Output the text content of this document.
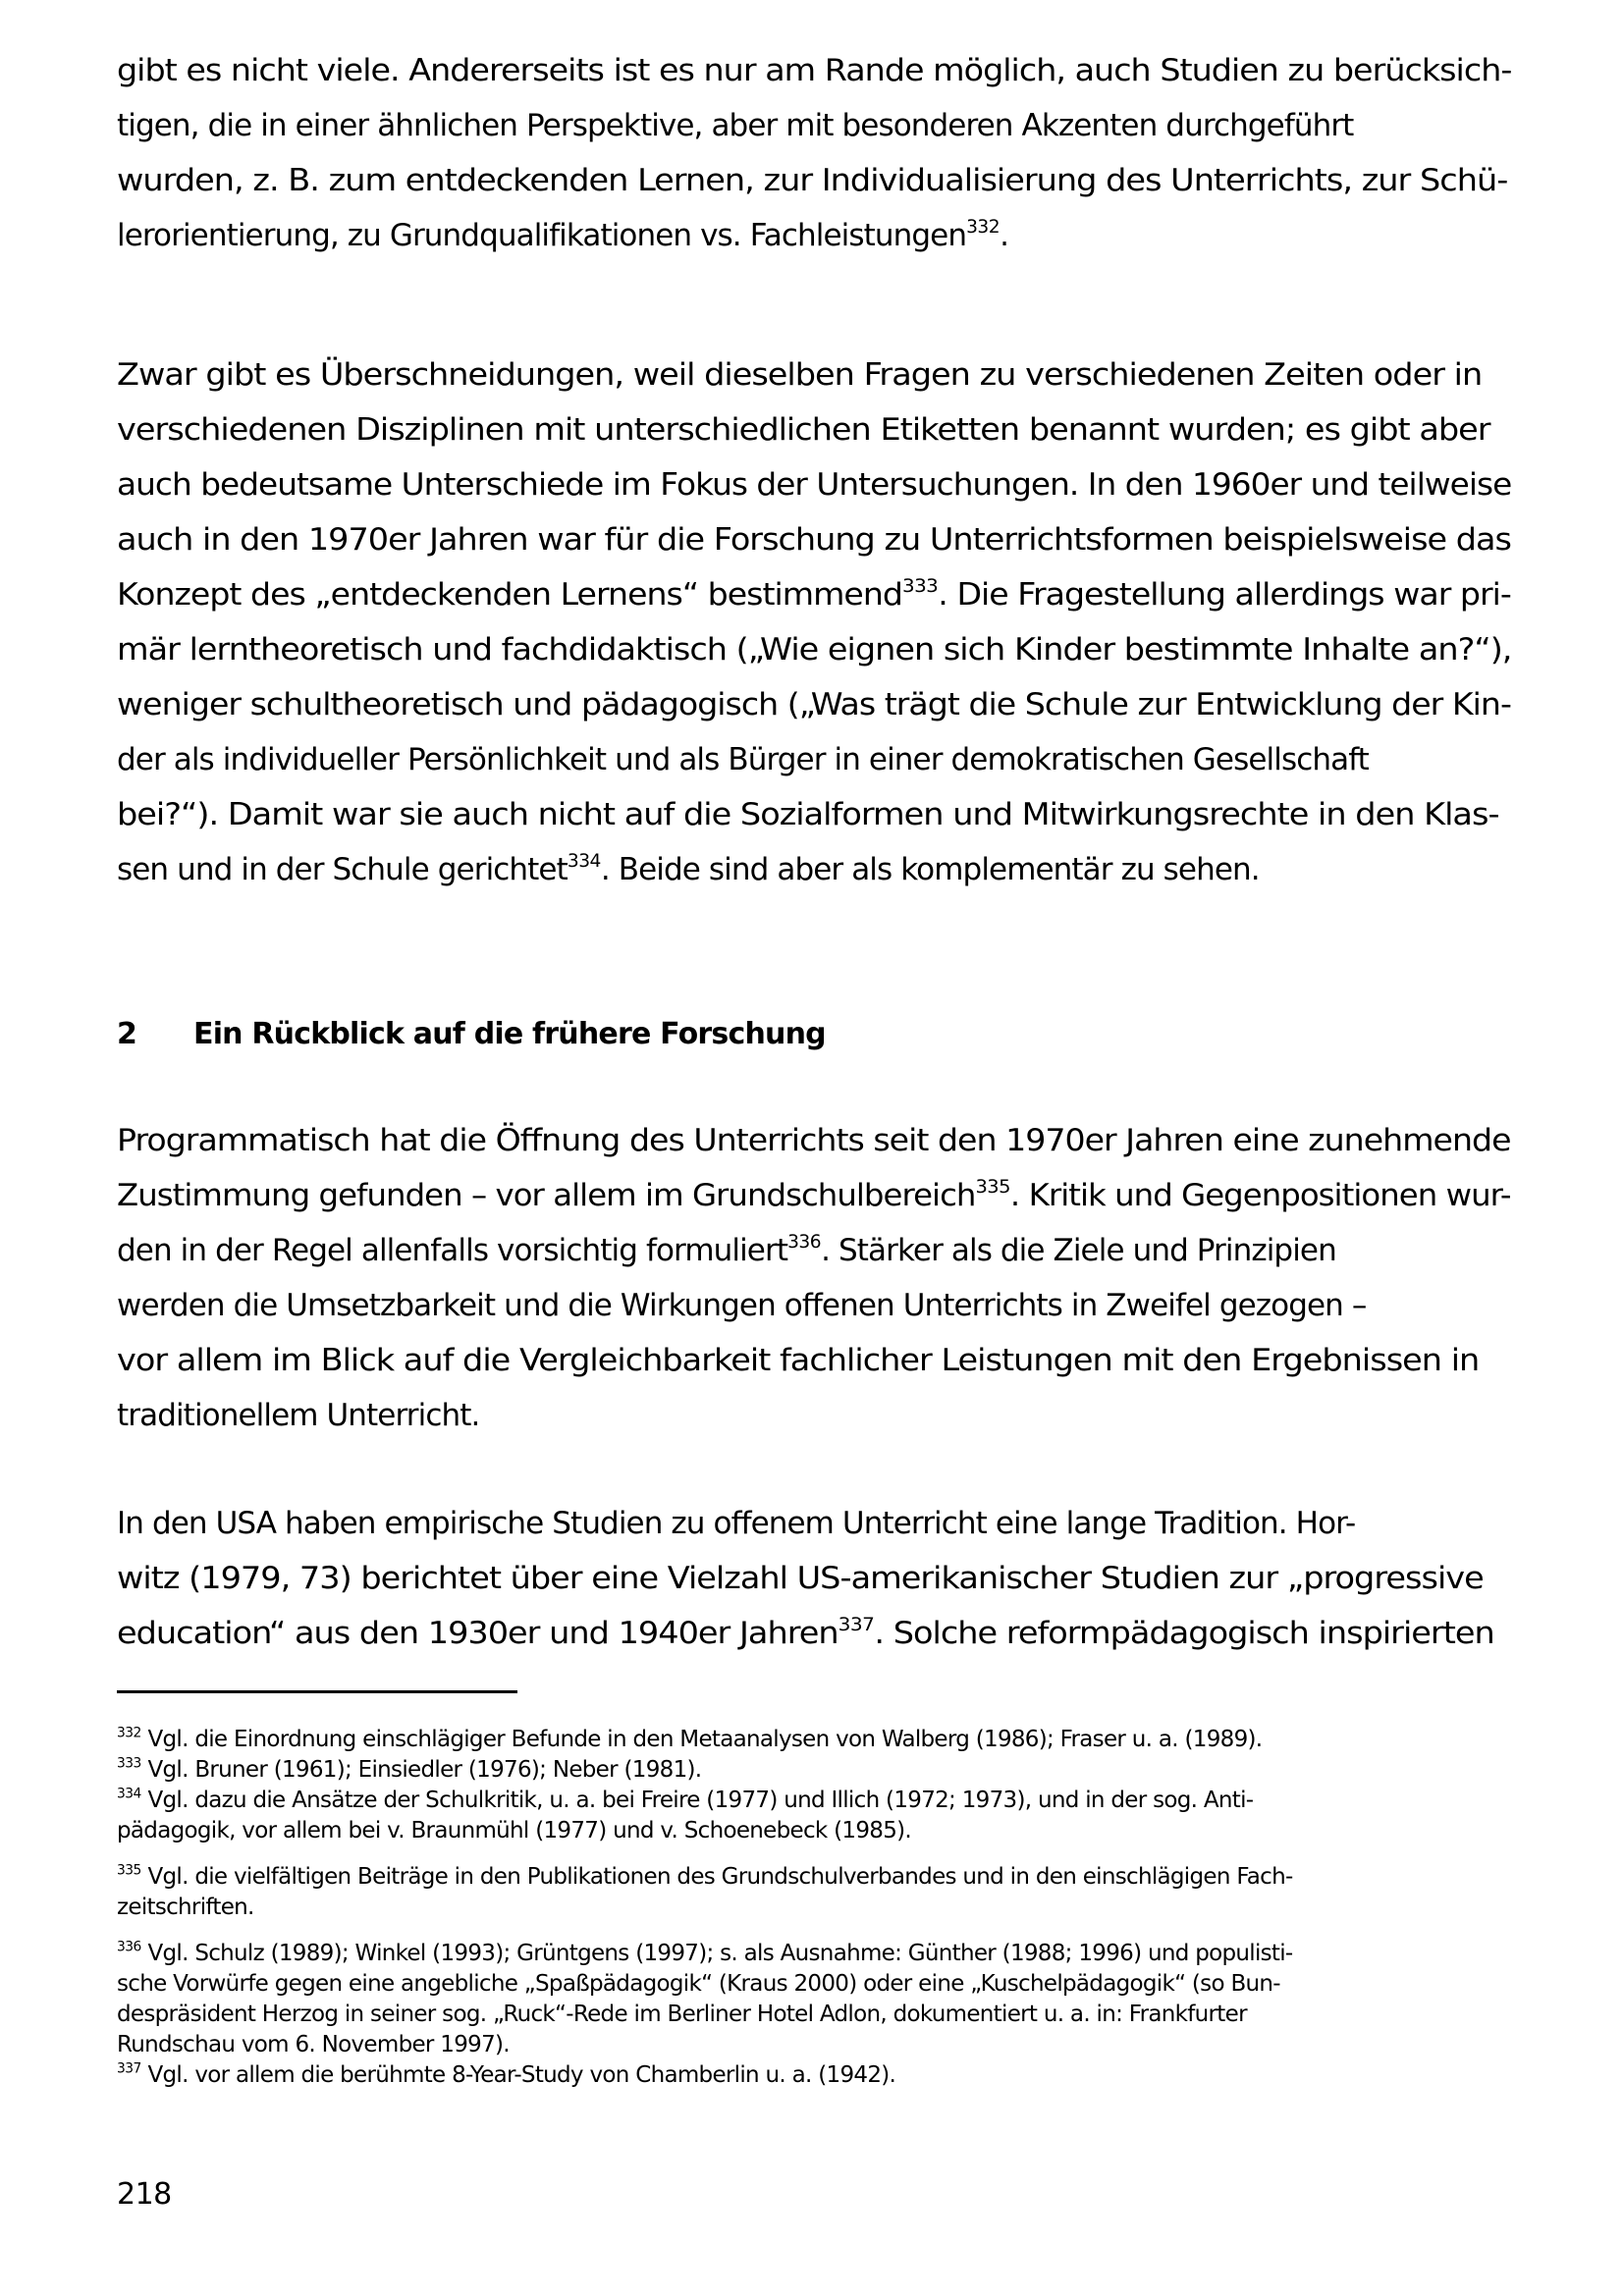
gibt es nicht viele. Andererseits ist es nur am Rande möglich, auch Studien zu berücksich-
tigen, die in einer ähnlichen Perspektive, aber mit besonderen Akzenten durchgeführt
wurden, z. B. zum entdeckenden Lernen, zur Individualisierung des Unterrichts, zur Schü-
lerorientierung, zu Grundqualifikationen vs. Fachleistungen$^{332}$.
Zwar gibt es Überschneidungen, weil dieselben Fragen zu verschiedenen Zeiten oder in
verschiedenen Disziplinen mit unterschiedlichen Etiketten benannt wurden; es gibt aber
auch bedeutsame Unterschiede im Fokus der Untersuchungen. In den 1960er und teilweise
auch in den 1970er Jahren war für die Forschung zu Unterrichtsformen beispielsweise das
Konzept des „entdeckenden Lernens“ bestimmend$^{333}$. Die Fragestellung allerdings war pri-
mär lerntheoretisch und fachdidaktisch („Wie eignen sich Kinder bestimmte Inhalte an?“),
weniger schultheoretisch und pädagogisch („Was trägt die Schule zur Entwicklung der Kin-
der als individueller Persönlichkeit und als Bürger in einer demokratischen Gesellschaft
bei?“). Damit war sie auch nicht auf die Sozialformen und Mitwirkungsrechte in den Klas-
sen und in der Schule gerichtet$^{334}$. Beide sind aber als komplementär zu sehen.
2 Ein Rückblick auf die frühere Forschung
Programmatisch hat die Öffnung des Unterrichts seit den 1970er Jahren eine zunehmende
Zustimmung gefunden – vor allem im Grundschulbereich$^{335}$. Kritik und Gegenpositionen wur-
den in der Regel allenfalls vorsichtig formuliert$^{336}$. Stärker als die Ziele und Prinzipien
werden die Umsetzbarkeit und die Wirkungen offenen Unterrichts in Zweifel gezogen –
vor allem im Blick auf die Vergleichbarkeit fachlicher Leistungen mit den Ergebnissen in
traditionellem Unterricht.
In den USA haben empirische Studien zu offenem Unterricht eine lange Tradition. Hor-
witz (1979, 73) berichtet über eine Vielzahl US-amerikanischer Studien zur „progressive
education“ aus den 1930er und 1940er Jahren$^{337}$. Solche reformpädagogisch inspirierten
$^{332}$ Vgl. die Einordnung einschlägiger Befunde in den Metaanalysen von Walberg (1986); Fraser u. a. (1989).
$^{333}$ Vgl. Bruner (1961); Einsiedler (1976); Neber (1981).
$^{334}$ Vgl. dazu die Ansätze der Schulkritik, u. a. bei Freire (1977) und Illich (1972; 1973), und in der sog. Anti-
pädagogik, vor allem bei v. Braunmühl (1977) und v. Schoenebeck (1985).
$^{335}$ Vgl. die vielfältigen Beiträge in den Publikationen des Grundschulverbandes und in den einschlägigen Fach-
zeitschriften.
$^{336}$ Vgl. Schulz (1989); Winkel (1993); Grüntgens (1997); s. als Ausnahme: Günther (1988; 1996) und populisti-
sche Vorwürfe gegen eine angebliche „Spaßpädagogik“ (Kraus 2000) oder eine „Kuschelpädagogik“ (so Bun-
despräsident Herzog in seiner sog. „Ruck“-Rede im Berliner Hotel Adlon, dokumentiert u. a. in: Frankfurter
Rundschau vom 6. November 1997).
$^{337}$ Vgl. vor allem die berühmte 8-Year-Study von Chamberlin u. a. (1942).
218
